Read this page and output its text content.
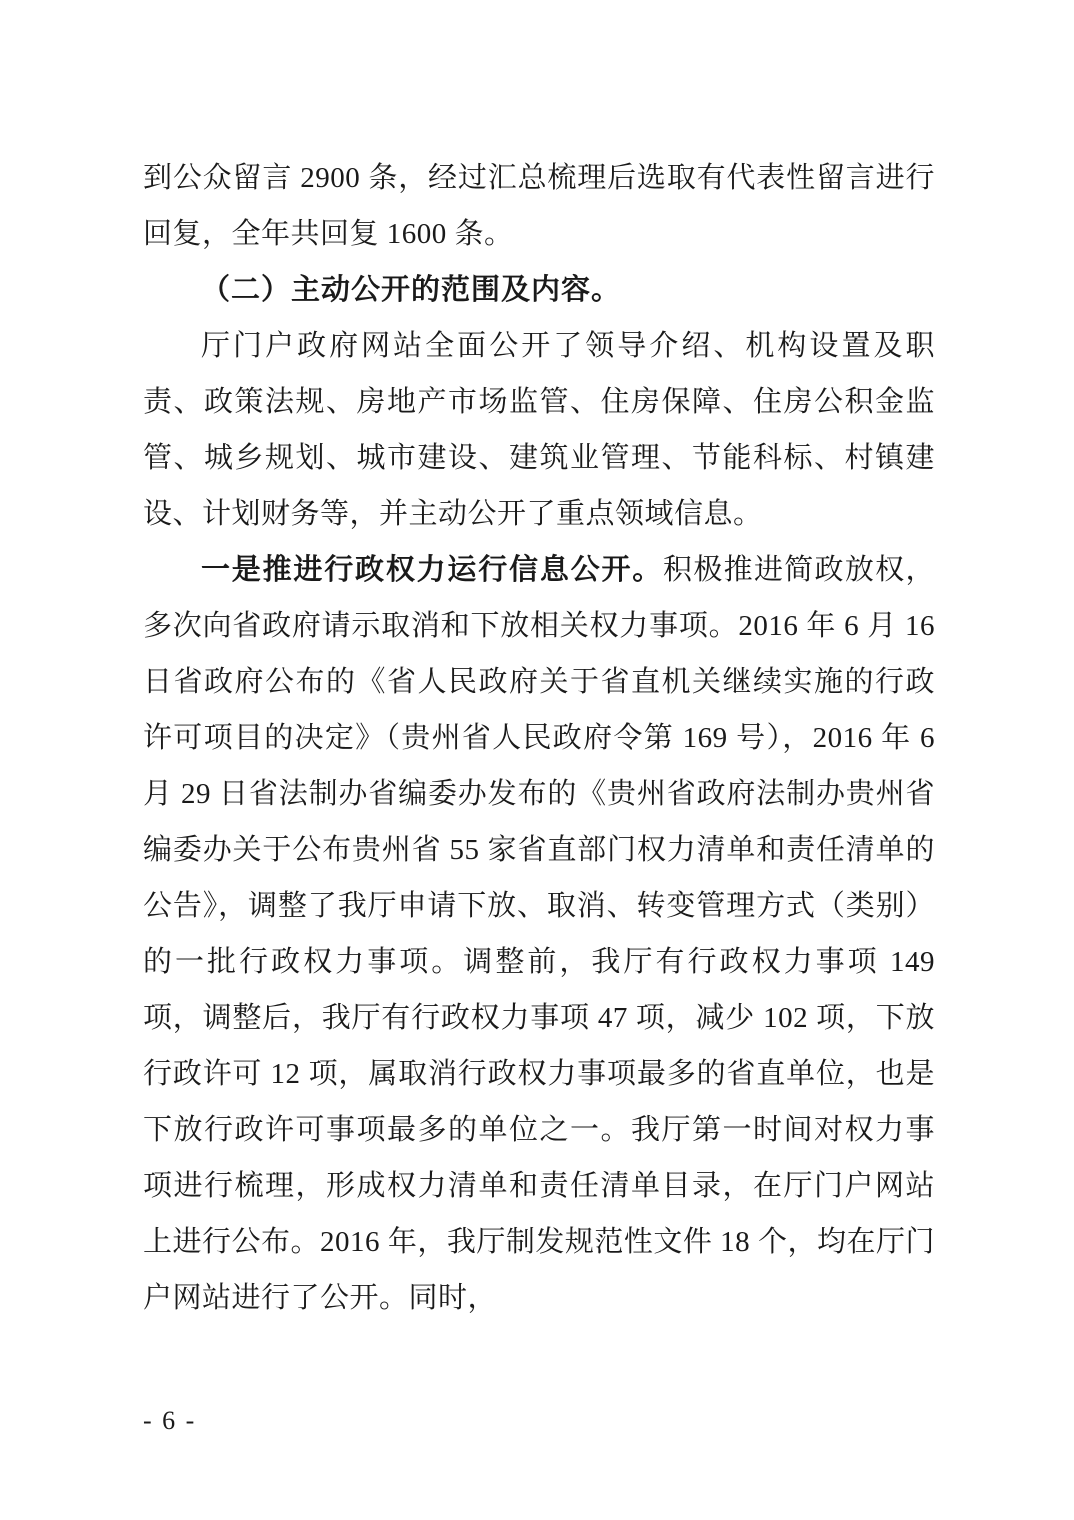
到公众留言 2900 条，经过汇总梳理后选取有代表性留言进行回复，全年共回复 1600 条。

（二）主动公开的范围及内容。

厅门户政府网站全面公开了领导介绍、机构设置及职责、政策法规、房地产市场监管、住房保障、住房公积金监管、城乡规划、城市建设、建筑业管理、节能科标、村镇建设、计划财务等，并主动公开了重点领域信息。

一是推进行政权力运行信息公开。积极推进简政放权，多次向省政府请示取消和下放相关权力事项。2016 年 6 月 16 日省政府公布的《省人民政府关于省直机关继续实施的行政许可项目的决定》（贵州省人民政府令第 169 号），2016 年 6 月 29 日省法制办省编委办发布的《贵州省政府法制办贵州省编委办关于公布贵州省 55 家省直部门权力清单和责任清单的公告》，调整了我厅申请下放、取消、转变管理方式（类别）的一批行政权力事项。调整前，我厅有行政权力事项 149 项，调整后，我厅有行政权力事项 47 项，减少 102 项，下放行政许可 12 项，属取消行政权力事项最多的省直单位，也是下放行政许可事项最多的单位之一。我厅第一时间对权力事项进行梳理，形成权力清单和责任清单目录，在厅门户网站上进行公布。2016 年，我厅制发规范性文件 18 个，均在厅门户网站进行了公开。同时，

- 6 -
